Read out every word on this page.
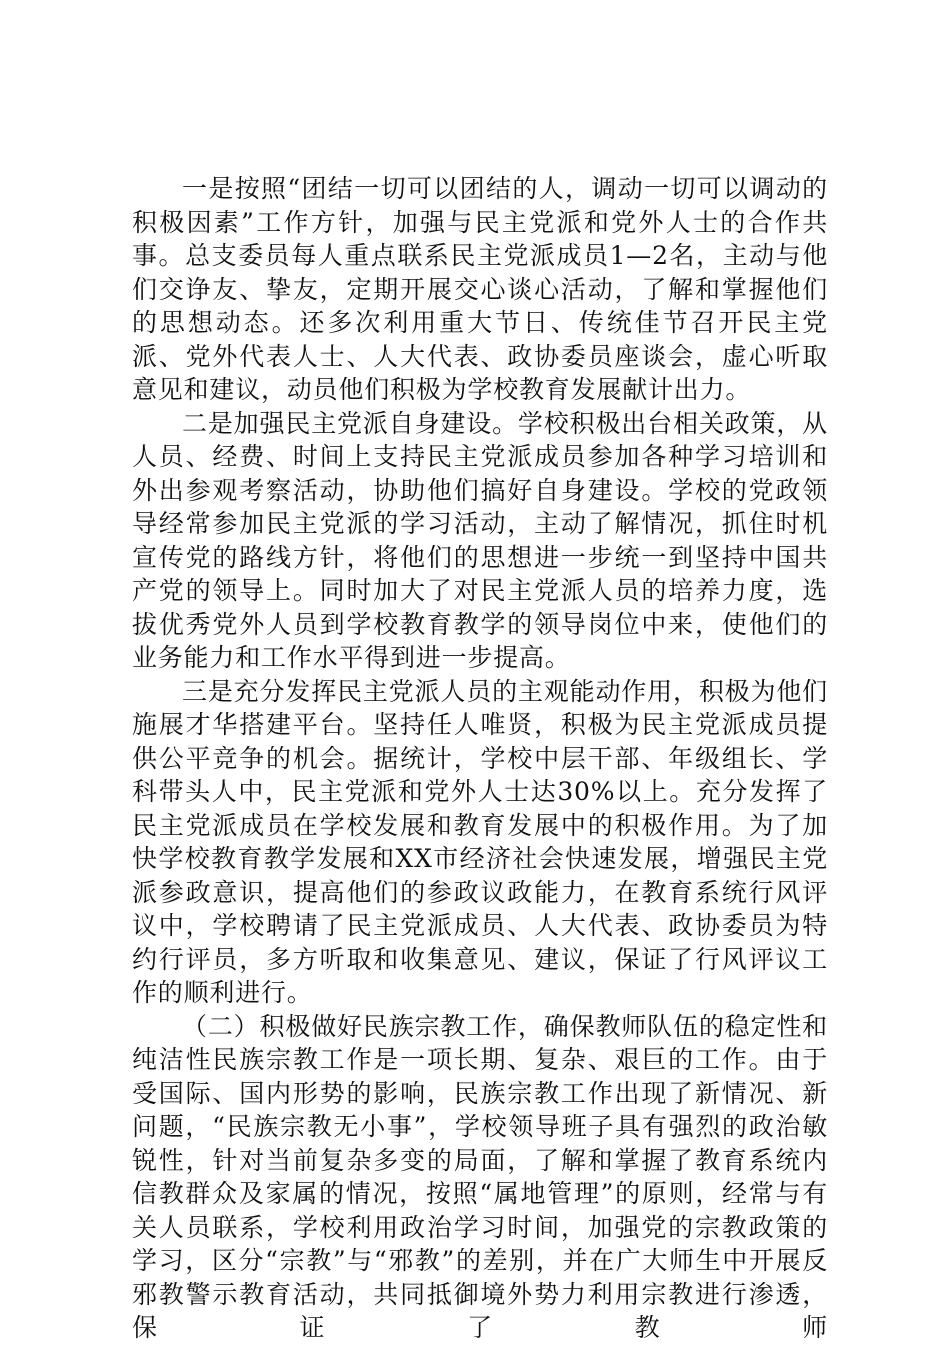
一是按照“团结一切可以团结的人，调动一切可以调动的积极因素”工作方针，加强与民主党派和党外人士的合作共事。总支委员每人重点联系民主党派成员1—2名，主动与他们交诤友、挚友，定期开展交心谈心活动，了解和掌握他们的思想动态。还多次利用重大节日、传统佳节召开民主党派、党外代表人士、人大代表、政协委员座谈会，虚心听取意见和建议，动员他们积极为学校教育发展献计出力。

二是加强民主党派自身建设。学校积极出台相关政策，从人员、经费、时间上支持民主党派成员参加各种学习培训和外出参观考察活动，协助他们搞好自身建设。学校的党政领导经常参加民主党派的学习活动，主动了解情况，抓住时机宣传党的路线方针，将他们的思想进一步统一到坚持中国共产党的领导上。同时加大了对民主党派人员的培养力度，选拔优秀党外人员到学校教育教学的领导岗位中来，使他们的业务能力和工作水平得到进一步提高。

三是充分发挥民主党派人员的主观能动作用，积极为他们施展才华搭建平台。坚持任人唯贤，积极为民主党派成员提供公平竞争的机会。据统计，学校中层干部、年级组长、学科带头人中，民主党派和党外人士达30%以上。充分发挥了民主党派成员在学校发展和教育发展中的积极作用。为了加快学校教育教学发展和XX市经济社会快速发展，增强民主党派参政意识，提高他们的参政议政能力，在教育系统行风评议中，学校聘请了民主党派成员、人大代表、政协委员为特约行评员，多方听取和收集意见、建议，保证了行风评议工作的顺利进行。

（二）积极做好民族宗教工作，确保教师队伍的稳定性和纯洁性民族宗教工作是一项长期、复杂、艰巨的工作。由于受国际、国内形势的影响，民族宗教工作出现了新情况、新问题，“民族宗教无小事”，学校领导班子具有强烈的政治敏锐性，针对当前复杂多变的局面，了解和掌握了教育系统内信教群众及家属的情况，按照“属地管理”的原则，经常与有关人员联系，学校利用政治学习时间，加强党的宗教政策的学习，区分“宗教”与“邪教”的差别，并在广大师生中开展反邪教警示教育活动，共同抵御境外势力利用宗教进行渗透，保证了教师
